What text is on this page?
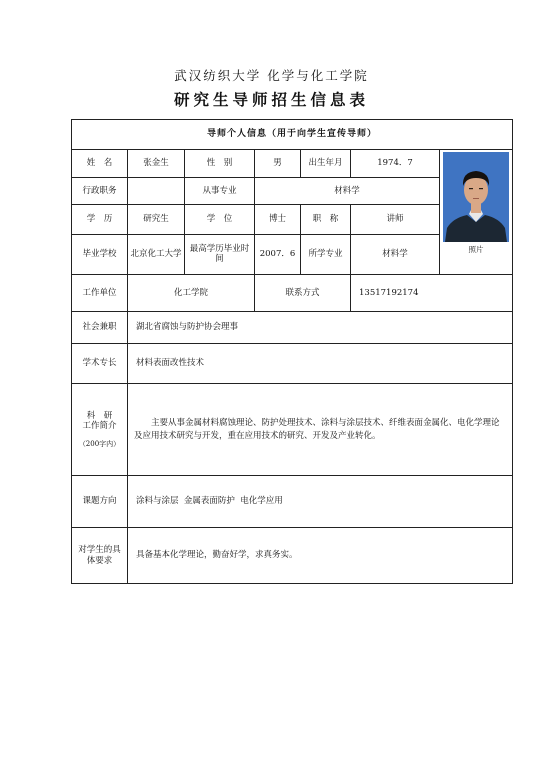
武汉纺织大学 化学与化工学院
研究生导师招生信息表
导师个人信息（用于向学生宣传导师）						
姓　名	张金生	性　别	男	出生年月	1974．7	照片

行政职务		从事专业	材料学			
学　历	研究生	学　位	博士	职　称	讲师	
毕业学校	北京化工大学	最高学历毕业时间	2007．6	所学专业	材料学	
工作单位	化工学院		联系方式		13517192174	
社会兼职	湖北省腐蚀与防护协会理事					
学术专长	材料表面改性技术					

科　研
工作简介
（200字内）	主要从事金属材料腐蚀理论、防护处理技术、涂料与涂层技术、纤维表面金属化、电化学理论及应用技术研究与开发，重在应用技术的研究、开发及产业转化。					
课题方向	涂料与涂层  金属表面防护  电化学应用					
对学生的具体要求	具备基本化学理论，勤奋好学，求真务实。					
